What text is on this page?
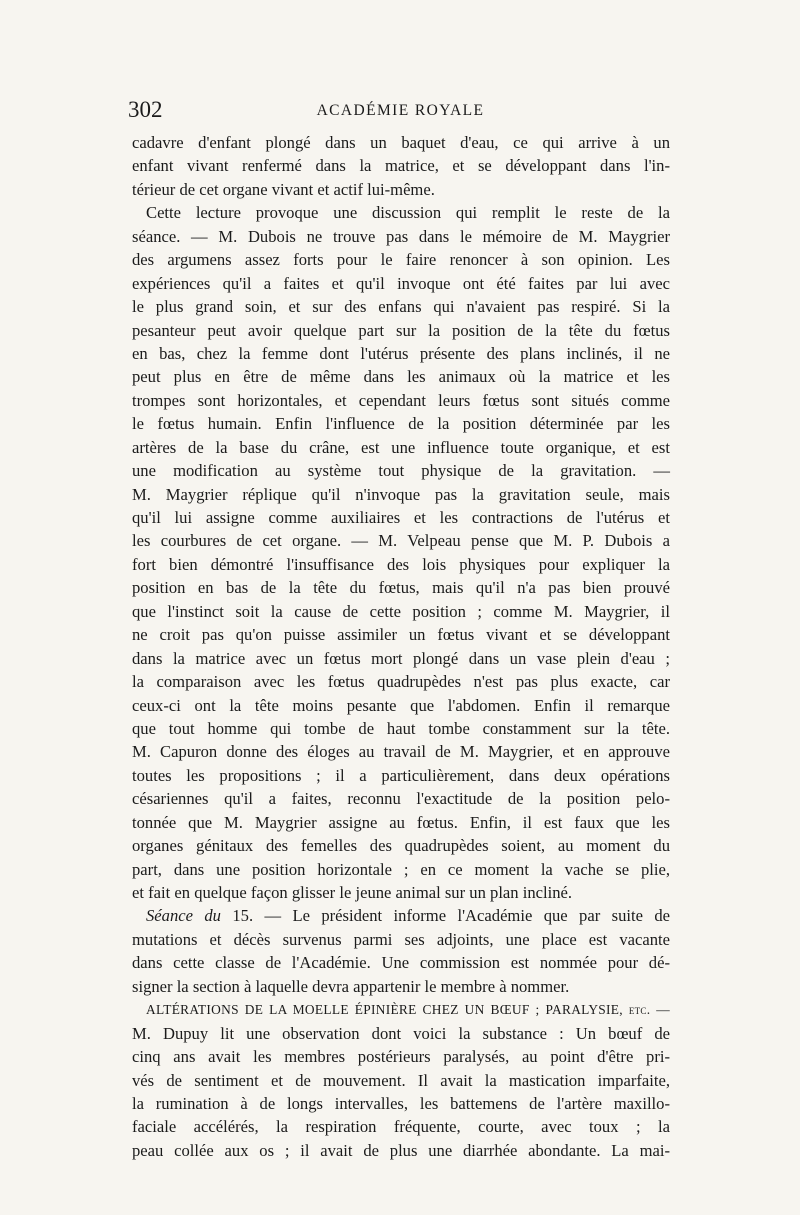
302	ACADÉMIE ROYALE
cadavre d'enfant plongé dans un baquet d'eau, ce qui arrive à un
enfant vivant renfermé dans la matrice, et se développant dans l'in-
térieur de cet organe vivant et actif lui-même.
Cette lecture provoque une discussion qui remplit le reste de la
séance. — M. Dubois ne trouve pas dans le mémoire de M. Maygrier
des argumens assez forts pour le faire renoncer à son opinion. Les
expériences qu'il a faites et qu'il invoque ont été faites par lui avec
le plus grand soin, et sur des enfans qui n'avaient pas respiré. Si la
pesanteur peut avoir quelque part sur la position de la tête du fœtus
en bas, chez la femme dont l'utérus présente des plans inclinés, il ne
peut plus en être de même dans les animaux où la matrice et les
trompes sont horizontales, et cependant leurs fœtus sont situés comme
le fœtus humain. Enfin l'influence de la position déterminée par les
artères de la base du crâne, est une influence toute organique, et est
une modification au système tout physique de la gravitation. —
M. Maygrier réplique qu'il n'invoque pas la gravitation seule, mais
qu'il lui assigne comme auxiliaires et les contractions de l'utérus et
les courbures de cet organe. — M. Velpeau pense que M. P. Dubois a
fort bien démontré l'insuffisance des lois physiques pour expliquer la
position en bas de la tête du fœtus, mais qu'il n'a pas bien prouvé
que l'instinct soit la cause de cette position ; comme M. Maygrier, il
ne croit pas qu'on puisse assimiler un fœtus vivant et se développant
dans la matrice avec un fœtus mort plongé dans un vase plein d'eau ;
la comparaison avec les fœtus quadrupèdes n'est pas plus exacte, car
ceux-ci ont la tête moins pesante que l'abdomen. Enfin il remarque
que tout homme qui tombe de haut tombe constamment sur la tête.
M. Capuron donne des éloges au travail de M. Maygrier, et en approuve
toutes les propositions ; il a particulièrement, dans deux opérations
césariennes qu'il a faites, reconnu l'exactitude de la position pelo-
tonnée que M. Maygrier assigne au fœtus. Enfin, il est faux que les
organes génitaux des femelles des quadrupèdes soient, au moment du
part, dans une position horizontale ; en ce moment la vache se plie,
et fait en quelque façon glisser le jeune animal sur un plan incliné.
Séance du 15. — Le président informe l'Académie que par suite de
mutations et décès survenus parmi ses adjoints, une place est vacante
dans cette classe de l'Académie. Une commission est nommée pour dé-
signer la section à laquelle devra appartenir le membre à nommer.
ALTÉRATIONS DE LA MOELLE ÉPINIÈRE CHEZ UN BŒUF ; PARALYSIE, etc. —
M. Dupuy lit une observation dont voici la substance : Un bœuf de
cinq ans avait les membres postérieurs paralysés, au point d'être pri-
vés de sentiment et de mouvement. Il avait la mastication imparfaite,
la rumination à de longs intervalles, les battemens de l'artère maxillo-
faciale accélérés, la respiration fréquente, courte, avec toux ; la
peau collée aux os ; il avait de plus une diarrhée abondante. La mai-
